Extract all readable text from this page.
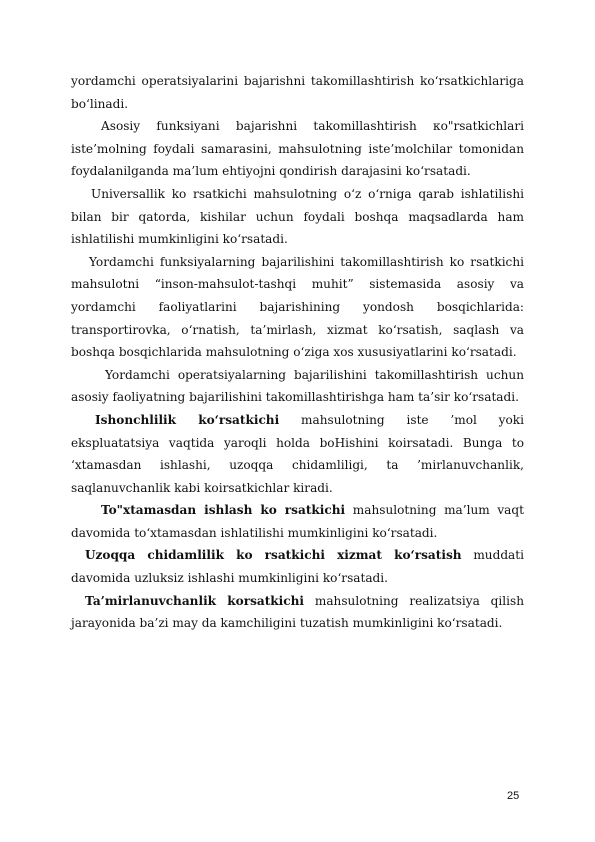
yordamchi operatsiyalarini bajarishni takomillashtirish ko‘rsatkichlariga bo‘linadi.

Asosiy funksiyani bajarishni takomillashtirish ко"rsatkichlari iste’molning foydali samarasini, mahsulotning iste’molchilar tomonidan foydalanilganda ma’lum ehtiyojni qondirish darajasini ko‘rsatadi.

Universallik ko rsatkichi mahsulotning o‘z o‘rniga qarab ishlatilishi bilan bir qatorda, kishilar uchun foydali boshqa maqsadlarda ham ishlatilishi mumkinligini ko‘rsatadi.

Yordamchi funksiyalarning bajarilishini takomillashtirish ko rsatkichi mahsulotni “inson-mahsulot-tashqi muhit” sistemasida asosiy va yordamchi faoliyatlarini bajarishining yondosh bosqichlarida: transportirovka, o‘rnatish, ta’mirlash, xizmat ko‘rsatish, saqlash va boshqa bosqichlarida mahsulotning o‘ziga xos xususiyatlarini ko‘rsatadi.

Yordamchi operatsiyalarning bajarilishini takomillashtirish uchun asosiy faoliyatning bajarilishini takomillashtirishga ham ta’sir ko‘rsatadi.

Ishonchlilik ko‘rsatkichi mahsulotning iste ’mol yoki ekspluatatsiya vaqtida yaroqli holda boHishini koirsatadi. Bunga to ‘xtamasdan ishlashi, uzoqqa chidamliligi, ta ’mirlanuvchanlik, saqlanuvchanlik kabi koirsatkichlar kiradi.

To"xtamasdan ishlash ko rsatkichi mahsulotning ma’lum vaqt davomida to‘xtamasdan ishlatilishi mumkinligini ko‘rsatadi.

Uzoqqa chidamlilik ko rsatkichi xizmat ko‘rsatish muddati davomida uzluksiz ishlashi mumkinligini ko‘rsatadi.

Ta’mirlanuvchanlik korsatkichi mahsulotning realizatsiya qilish jarayonida ba’zi may da kamchiligini tuzatish mumkinligini ko‘rsatadi.

25
